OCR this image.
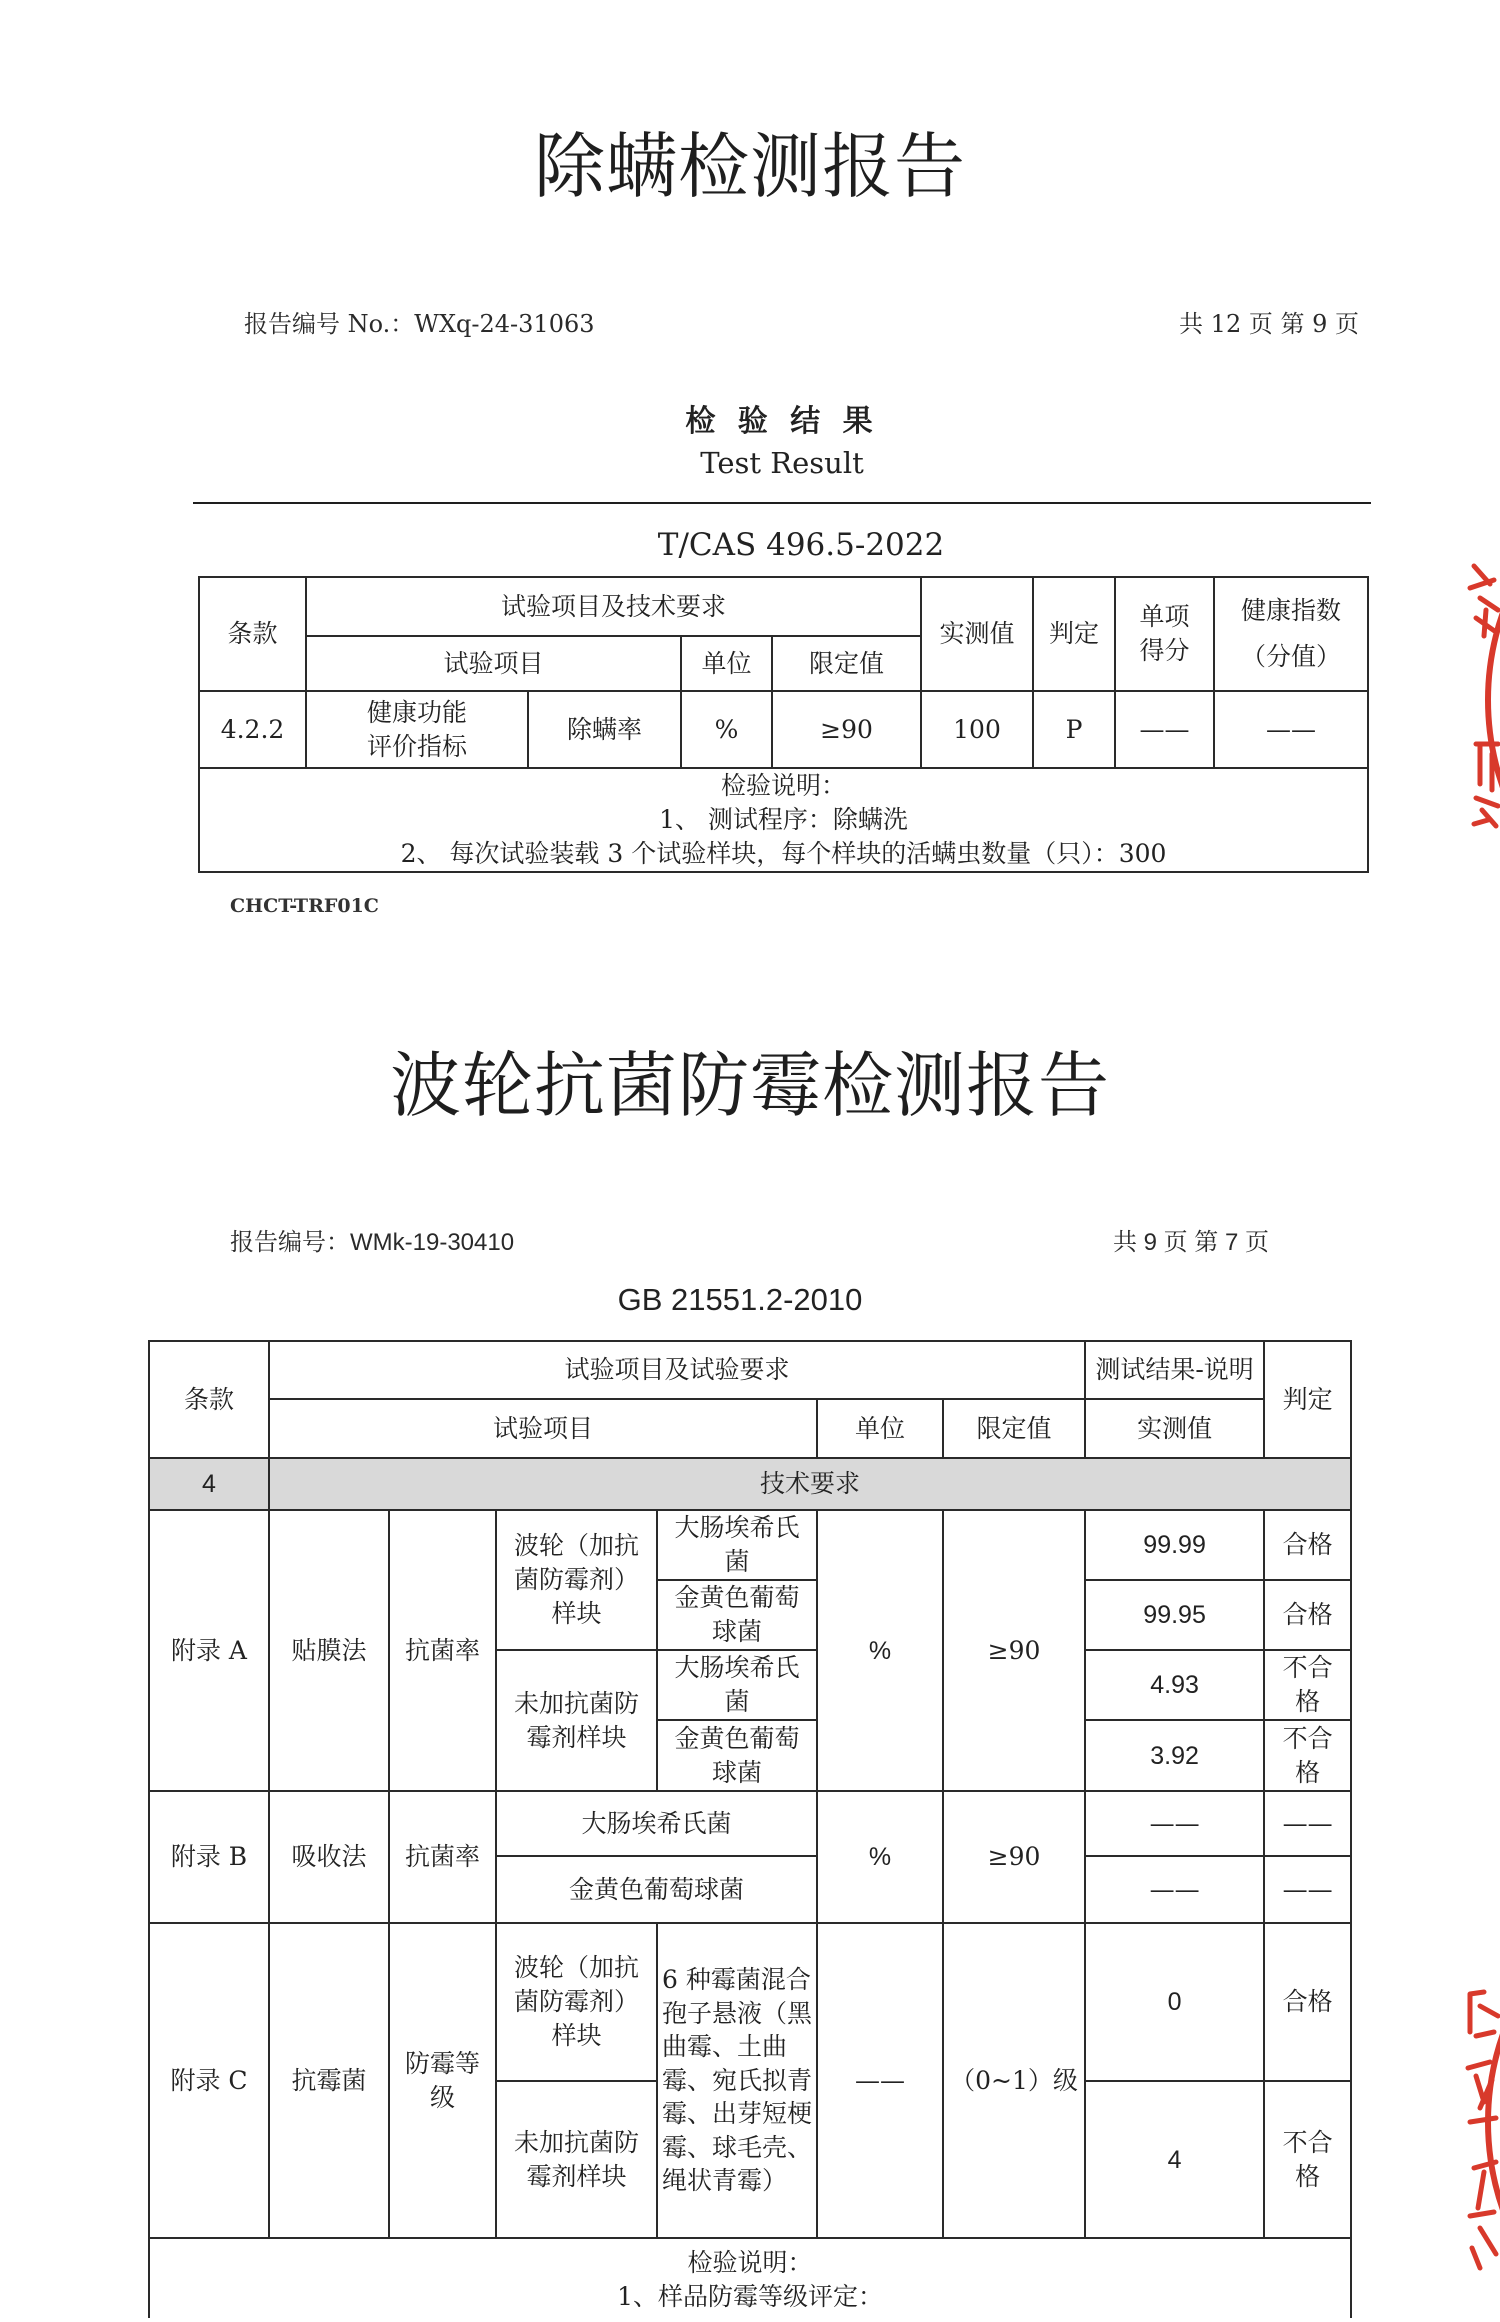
除螨检测报告
报告编号 No.：WXq-24-31063	共 12 页 第 9 页
检 验 结 果
Test Result
T/CAS 496.5-2022
条款	试验项目及技术要求				实测值	判定	单项得分	健康指数（分值）
	试验项目		单位	限定值				
4.2.2	健康功能评价指标	除螨率	%	≥90	100	P	——	——

检验说明：
1、 测试程序：除螨洗
2、 每次试验装载 3 个试验样块，每个样块的活螨虫数量（只）：300								
CHCT-TRF01C
波轮抗菌防霉检测报告
报告编号：WMk-19-30410	共 9 页 第 7 页
GB 21551.2-2010
条款	试验项目及试验要求						测试结果-说明	判定
	试验项目				单位	限定值	实测值	
4	技术要求							
附录 A	贴膜法	抗菌率	波轮（加抗菌防霉剂）样块	大肠埃希氏菌	%	≥90	99.99	合格
				金黄色葡萄球菌			99.95	合格
			未加抗菌防霉剂样块	大肠埃希氏菌			4.93	不合格
				金黄色葡萄球菌			3.92	不合格
附录 B	吸收法	抗菌率	大肠埃希氏菌		%	≥90	——	——
			金黄色葡萄球菌				——	——
附录 C	抗霉菌	防霉等级	波轮（加抗菌防霉剂）样块	6 种霉菌混合孢子悬液（黑曲霉、土曲霉、宛氏拟青霉、出芽短梗霉、球毛壳、绳状青霉）	——	（0~1）级	0	合格
			未加抗菌防霉剂样块				4	不合格

检验说明：
1、样品防霉等级评定：								
